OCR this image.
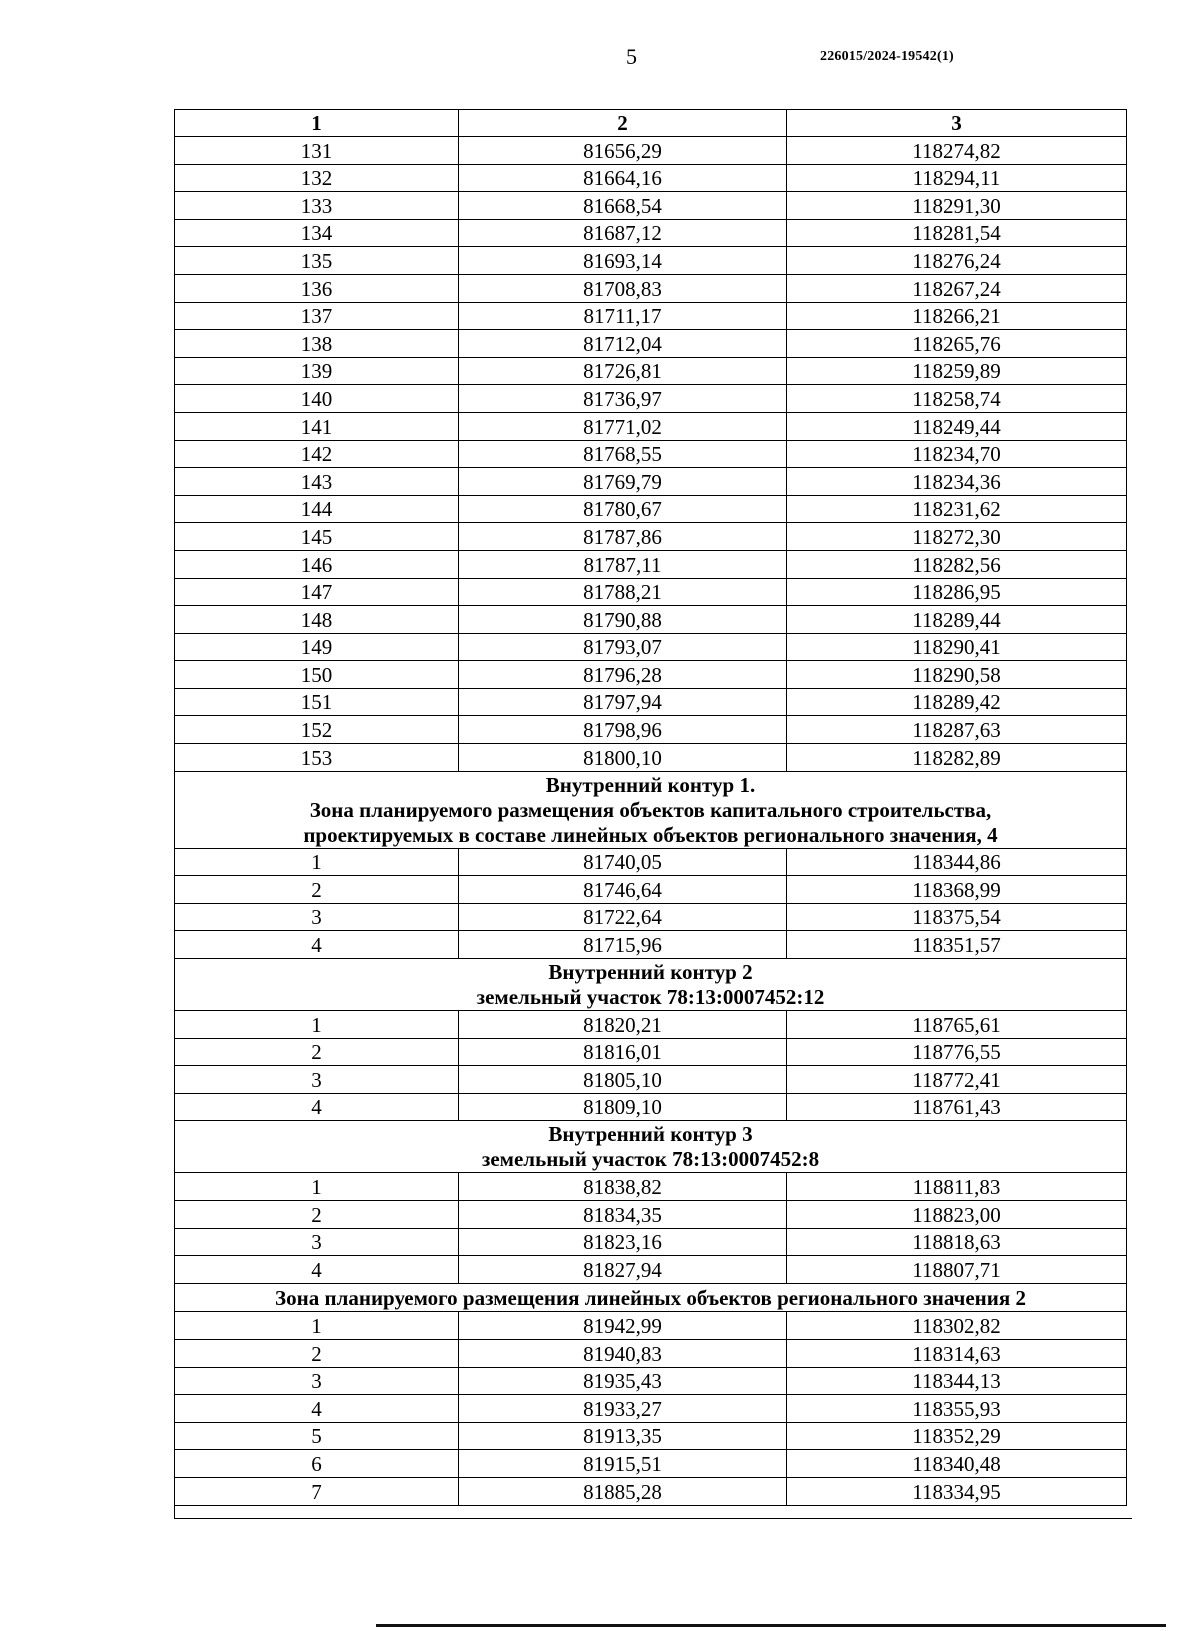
5	226015/2024-19542(1)
1	2	3
131	81656,29	118274,82
132	81664,16	118294,11
133	81668,54	118291,30
134	81687,12	118281,54
135	81693,14	118276,24
136	81708,83	118267,24
137	81711,17	118266,21
138	81712,04	118265,76
139	81726,81	118259,89
140	81736,97	118258,74
141	81771,02	118249,44
142	81768,55	118234,70
143	81769,79	118234,36
144	81780,67	118231,62
145	81787,86	118272,30
146	81787,11	118282,56
147	81788,21	118286,95
148	81790,88	118289,44
149	81793,07	118290,41
150	81796,28	118290,58
151	81797,94	118289,42
152	81798,96	118287,63
153	81800,10	118282,89

Внутренний контур 1.
Зона планируемого размещения объектов капитального строительства,
проектируемых в составе линейных объектов регионального значения, 4		

1	81740,05	118344,86
2	81746,64	118368,99
3	81722,64	118375,54
4	81715,96	118351,57

Внутренний контур 2
земельный участок 78:13:0007452:12		

1	81820,21	118765,61
2	81816,01	118776,55
3	81805,10	118772,41
4	81809,10	118761,43

Внутренний контур 3
земельный участок 78:13:0007452:8		

1	81838,82	118811,83
2	81834,35	118823,00
3	81823,16	118818,63
4	81827,94	118807,71

Зона планируемого размещения линейных объектов регионального значения 2		

1	81942,99	118302,82
2	81940,83	118314,63
3	81935,43	118344,13
4	81933,27	118355,93
5	81913,35	118352,29
6	81915,51	118340,48
7	81885,28	118334,95
